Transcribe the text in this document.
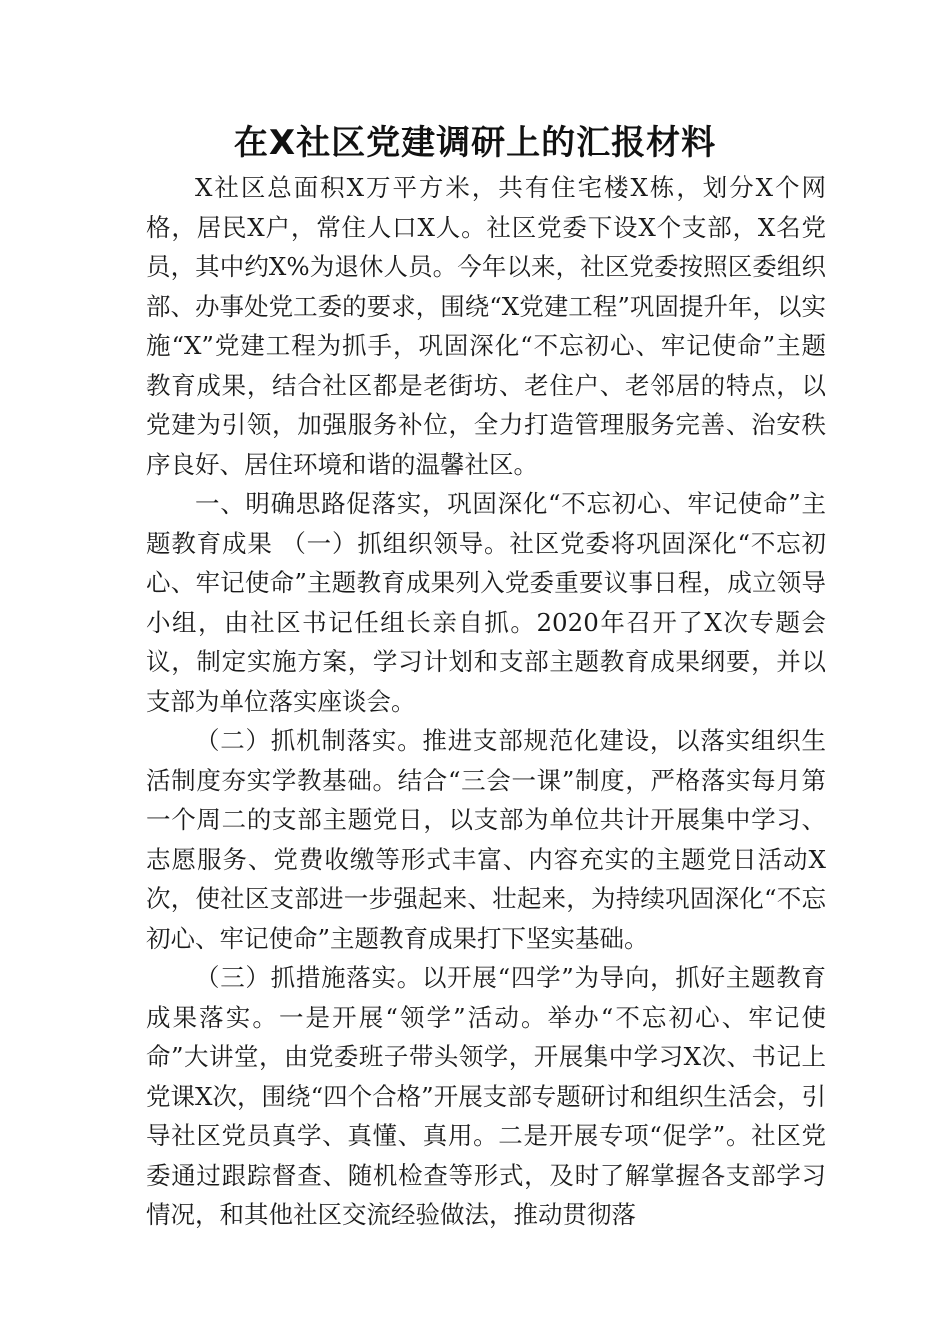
在X社区党建调研上的汇报材料

X社区总面积X万平方米，共有住宅楼X栋，划分X个网格，居民X户，常住人口X人。社区党委下设X个支部，X名党员，其中约X%为退休人员。今年以来，社区党委按照区委组织部、办事处党工委的要求，围绕“X党建工程”巩固提升年，以实施“X”党建工程为抓手，巩固深化“不忘初心、牢记使命”主题教育成果，结合社区都是老街坊、老住户、老邻居的特点，以党建为引领，加强服务补位，全力打造管理服务完善、治安秩序良好、居住环境和谐的温馨社区。

一、明确思路促落实，巩固深化“不忘初心、牢记使命”主题教育成果 （一）抓组织领导。社区党委将巩固深化“不忘初心、牢记使命”主题教育成果列入党委重要议事日程，成立领导小组，由社区书记任组长亲自抓。2020年召开了X次专题会议，制定实施方案，学习计划和支部主题教育成果纲要，并以支部为单位落实座谈会。

（二）抓机制落实。推进支部规范化建设，以落实组织生活制度夯实学教基础。结合“三会一课”制度，严格落实每月第一个周二的支部主题党日，以支部为单位共计开展集中学习、志愿服务、党费收缴等形式丰富、内容充实的主题党日活动X次，使社区支部进一步强起来、壮起来，为持续巩固深化“不忘初心、牢记使命”主题教育成果打下坚实基础。

（三）抓措施落实。以开展“四学”为导向，抓好主题教育成果落实。一是开展“领学”活动。举办“不忘初心、牢记使命”大讲堂，由党委班子带头领学，开展集中学习X次、书记上党课X次，围绕“四个合格”开展支部专题研讨和组织生活会，引导社区党员真学、真懂、真用。二是开展专项“促学”。社区党委通过跟踪督查、随机检查等形式，及时了解掌握各支部学习情况，和其他社区交流经验做法，推动贯彻落
